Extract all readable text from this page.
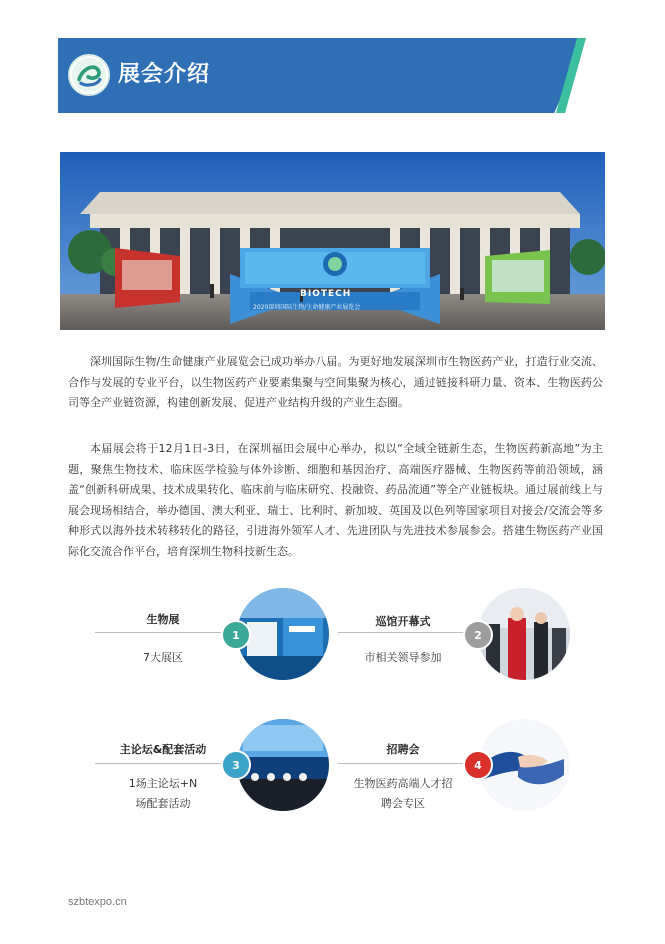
展会介绍
BIOTECH
2020深圳国际生物/生命健康产业展览会

深圳国际生物/生命健康产业展览会已成功举办八届。为更好地发展深圳市生物医药产业，打造行业交流、合作与发展的专业平台，以生物医药产业要素集聚与空间集聚为核心，通过链接科研力量、资本、生物医药公司等全产业链资源，构建创新发展、促进产业结构升级的产业生态圈。

本届展会将于12月1日-3日，在深圳福田会展中心举办，拟以“全域全链新生态，生物医药新高地”为主题，聚焦生物技术、临床医学检验与体外诊断、细胞和基因治疗、高端医疗器械、生物医药等前沿领域，涵盖“创新科研成果、技术成果转化、临床前与临床研究、投融资、药品流通”等全产业链板块。通过展前线上与展会现场相结合，举办德国、澳大利亚、瑞士、比利时、新加坡、英国及以色列等国家项目对接会/交流会等多种形式以海外技术转移转化的路径，引进海外领军人才、先进团队与先进技术参展参会。搭建生物医药产业国际化交流合作平台，培育深圳生物科技新生态。

生物展
7大展区
1
巡馆开幕式
市相关领导参加
2
主论坛&配套活动
1场主论坛+N场配套活动
3
招聘会
生物医药高端人才招聘会专区
4
szbtexpo.cn
